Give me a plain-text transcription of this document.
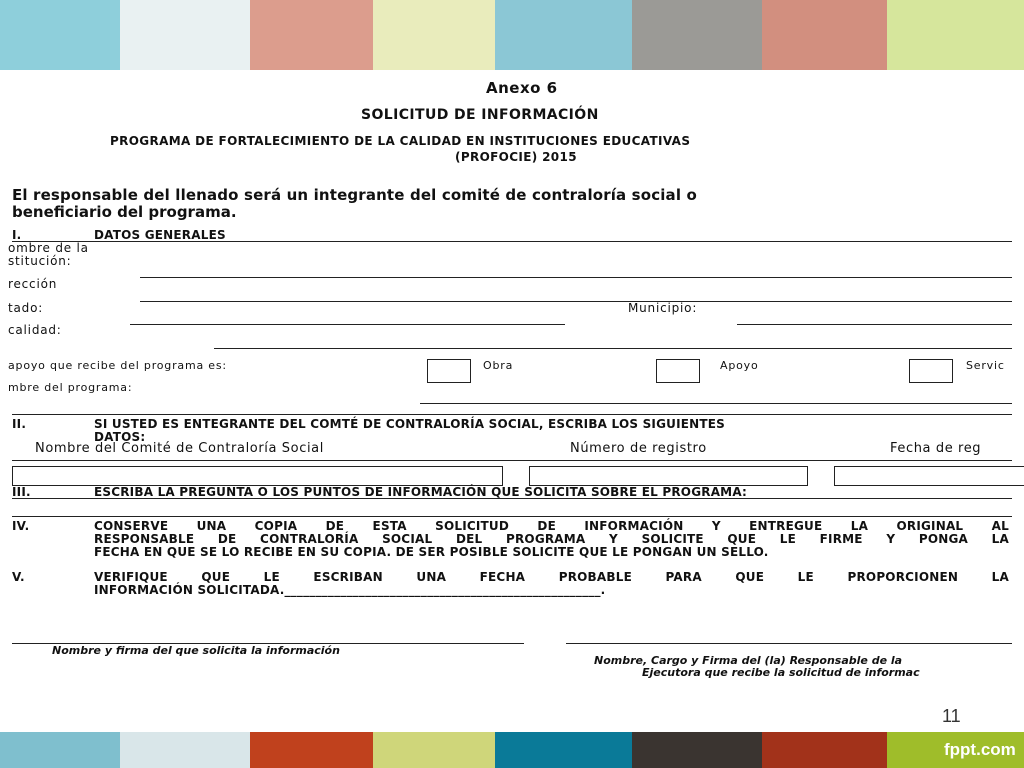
Anexo 6
SOLICITUD DE INFORMACIÓN
PROGRAMA DE FORTALECIMIENTO DE LA CALIDAD EN INSTITUCIONES EDUCATIVAS
(PROFOCIE) 2015
El responsable del llenado será un integrante del comité de contraloría social o
beneficiario del programa.
I.	DATOS GENERALES
ombre de la
stitución:
rección
tado:	Municipio:
calidad:
apoyo que recibe del programa es:	Obra	Apoyo	Servic
mbre del programa:
II.	SI USTED ES ENTEGRANTE DEL COMTÉ DE CONTRALORÍA SOCIAL, ESCRIBA LOS SIGUIENTES
DATOS:
Nombre del Comité de Contraloría Social	Número de registro	Fecha de reg
III.	ESCRIBA LA PREGUNTA O LOS PUNTOS DE INFORMACIÓN QUE SOLICITA SOBRE EL PROGRAMA:
IV.	CONSERVE UNA COPIA DE ESTA SOLICITUD DE INFORMACIÓN Y ENTREGUE LA ORIGINAL AL
RESPONSABLE DE CONTRALORÍA SOCIAL DEL PROGRAMA Y SOLICITE QUE LE FIRME Y PONGA LA
FECHA EN QUE SE LO RECIBE EN SU COPIA. DE SER POSIBLE SOLICITE QUE LE PONGAN UN SELLO.
V.	VERIFIQUE QUE LE ESCRIBAN UNA FECHA PROBABLE PARA QUE LE PROPORCIONEN LA
INFORMACIÓN SOLICITADA.___________________________________________________.
Nombre y firma del que solicita la información
Nombre, Cargo y Firma del (la) Responsable de la
Ejecutora que recibe la solicitud de informac
11
fppt.com
